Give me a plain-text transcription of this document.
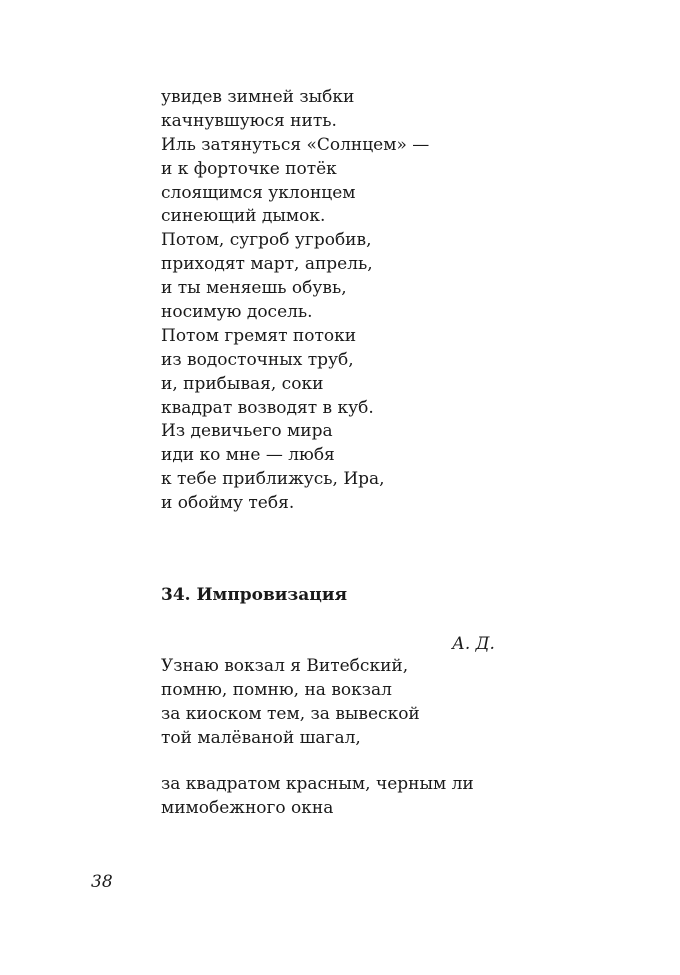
увидев зимней зыбки
качнувшуюся нить.
Иль затянуться «Солнцем» —
и к форточке потёк
слоящимся уклонцем
синеющий дымок.
Потом, сугроб угробив,
приходят март, апрель,
и ты меняешь обувь,
носимую досель.
Потом гремят потоки
из водосточных труб,
и, прибывая, соки
квадрат возводят в куб.
Из девичьего мира
иди ко мне — любя
к тебе приближусь, Ира,
и обойму тебя.
34. Импровизация
А. Д.
Узнаю вокзал я Витебский,
помню, помню, на вокзал
за киоском тем, за вывеской
той малёваной шагал,
за квадратом красным, черным ли
мимобежного окна
38
